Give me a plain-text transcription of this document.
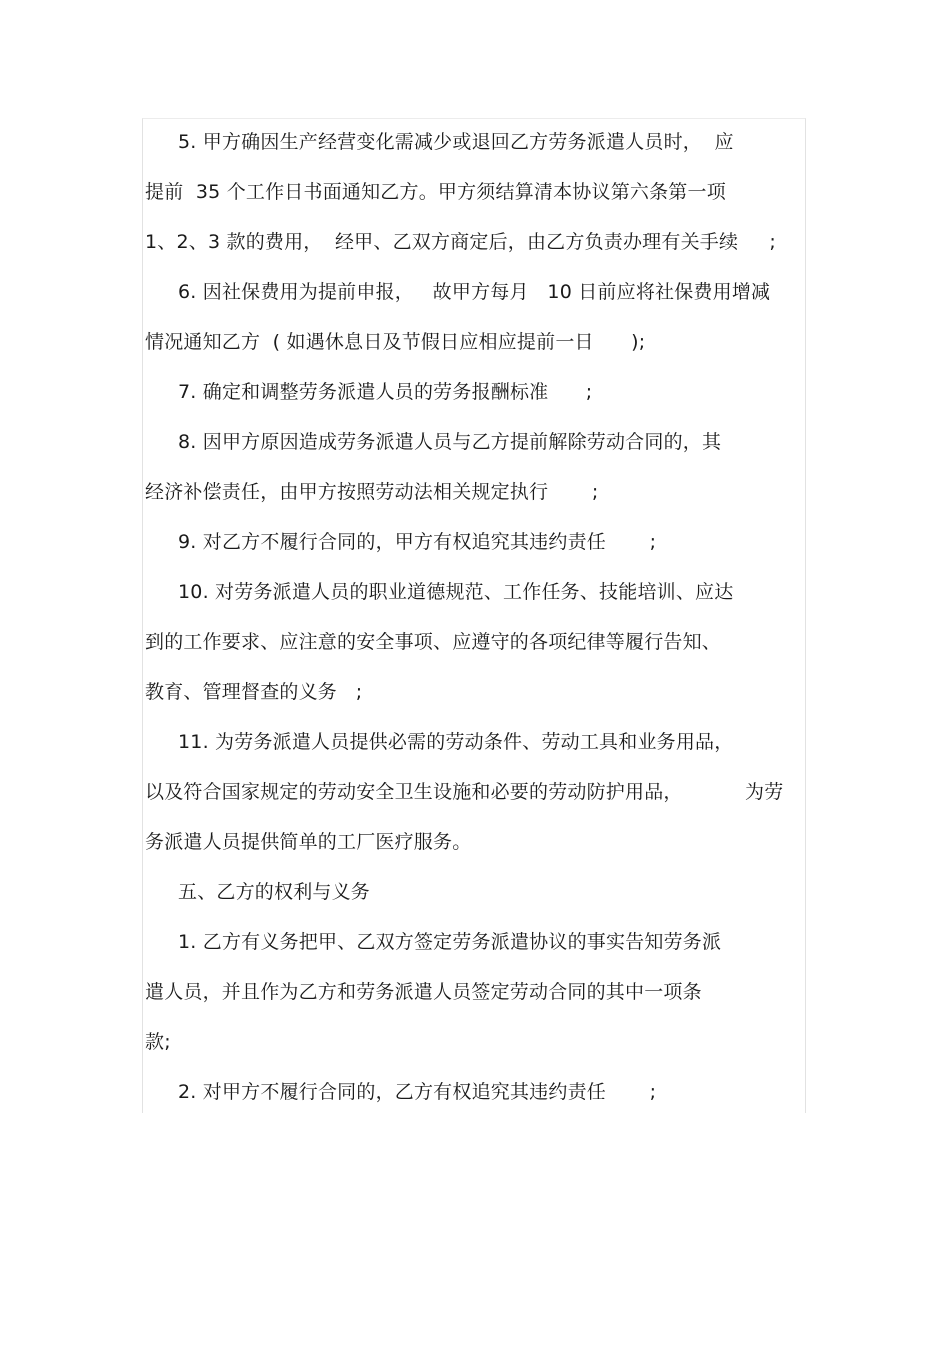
5. 甲方确因生产经营变化需减少或退回乙方劳务派遣人员时，  应
提前  35 个工作日书面通知乙方。甲方须结算清本协议第六条第一项
1、2、3 款的费用，  经甲、乙双方商定后，由乙方负责办理有关手续     ;
6. 因社保费用为提前申报，   故甲方每月   10 日前应将社保费用增减
情况通知乙方  ( 如遇休息日及节假日应相应提前一日      );
7. 确定和调整劳务派遣人员的劳务报酬标准      ;
8. 因甲方原因造成劳务派遣人员与乙方提前解除劳动合同的，其
经济补偿责任，由甲方按照劳动法相关规定执行       ;
9. 对乙方不履行合同的，甲方有权追究其违约责任       ;
10. 对劳务派遣人员的职业道德规范、工作任务、技能培训、应达
到的工作要求、应注意的安全事项、应遵守的各项纪律等履行告知、
教育、管理督查的义务   ;
11. 为劳务派遣人员提供必需的劳动条件、劳动工具和业务用品，
以及符合国家规定的劳动安全卫生设施和必要的劳动防护用品，          为劳
务派遣人员提供简单的工厂医疗服务。
五、乙方的权利与义务
1. 乙方有义务把甲、乙双方签定劳务派遣协议的事实告知劳务派
遣人员，并且作为乙方和劳务派遣人员签定劳动合同的其中一项条
款;
2. 对甲方不履行合同的，乙方有权追究其违约责任       ;
